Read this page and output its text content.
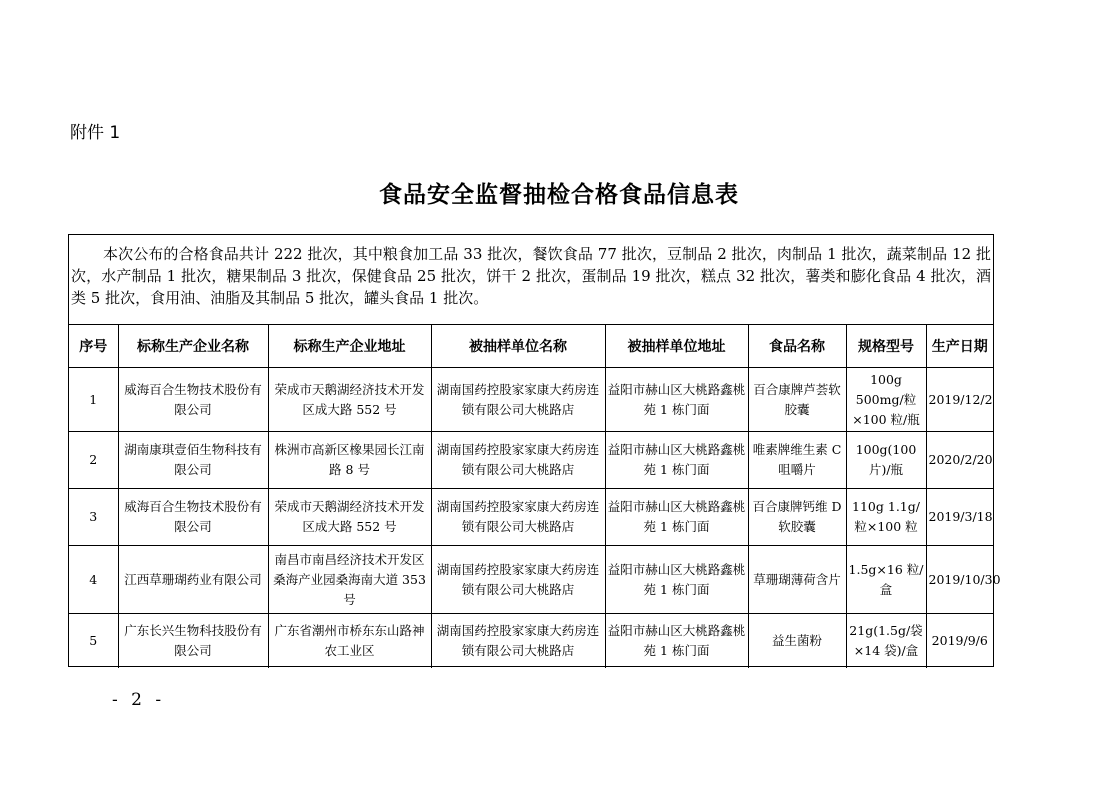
附件 1
食品安全监督抽检合格食品信息表
本次公布的合格食品共计 222 批次，其中粮食加工品 33 批次，餐饮食品 77 批次，豆制品 2 批次，肉制品 1 批次，蔬菜制品 12 批次，水产制品 1 批次，糖果制品 3 批次，保健食品 25 批次，饼干 2 批次，蛋制品 19 批次，糕点 32 批次，薯类和膨化食品 4 批次，酒类 5 批次，食用油、油脂及其制品 5 批次，罐头食品 1 批次。
序号	标称生产企业名称	标称生产企业地址	被抽样单位名称	被抽样单位地址	食品名称	规格型号	生产日期
1	威海百合生物技术股份有限公司	荣成市天鹅湖经济技术开发区成大路 552 号	湖南国药控股家家康大药房连锁有限公司大桃路店	益阳市赫山区大桃路鑫桃苑 1 栋门面	百合康牌芦荟软胶囊	100g 500mg/粒×100 粒/瓶	2019/12/2
2	湖南康琪壹佰生物科技有限公司	株洲市高新区橡果园长江南路 8 号	湖南国药控股家家康大药房连锁有限公司大桃路店	益阳市赫山区大桃路鑫桃苑 1 栋门面	唯素牌维生素 C 咀嚼片	100g(100 片)/瓶	2020/2/20
3	威海百合生物技术股份有限公司	荣成市天鹅湖经济技术开发区成大路 552 号	湖南国药控股家家康大药房连锁有限公司大桃路店	益阳市赫山区大桃路鑫桃苑 1 栋门面	百合康牌钙维 D 软胶囊	110g 1.1g/粒×100 粒	2019/3/18
4	江西草珊瑚药业有限公司	南昌市南昌经济技术开发区桑海产业园桑海南大道 353 号	湖南国药控股家家康大药房连锁有限公司大桃路店	益阳市赫山区大桃路鑫桃苑 1 栋门面	草珊瑚薄荷含片	1.5g×16 粒/盒	2019/10/30
5	广东长兴生物科技股份有限公司	广东省潮州市桥东东山路神农工业区	湖南国药控股家家康大药房连锁有限公司大桃路店	益阳市赫山区大桃路鑫桃苑 1 栋门面	益生菌粉	21g(1.5g/袋×14 袋)/盒	2019/9/6
- 2 -
